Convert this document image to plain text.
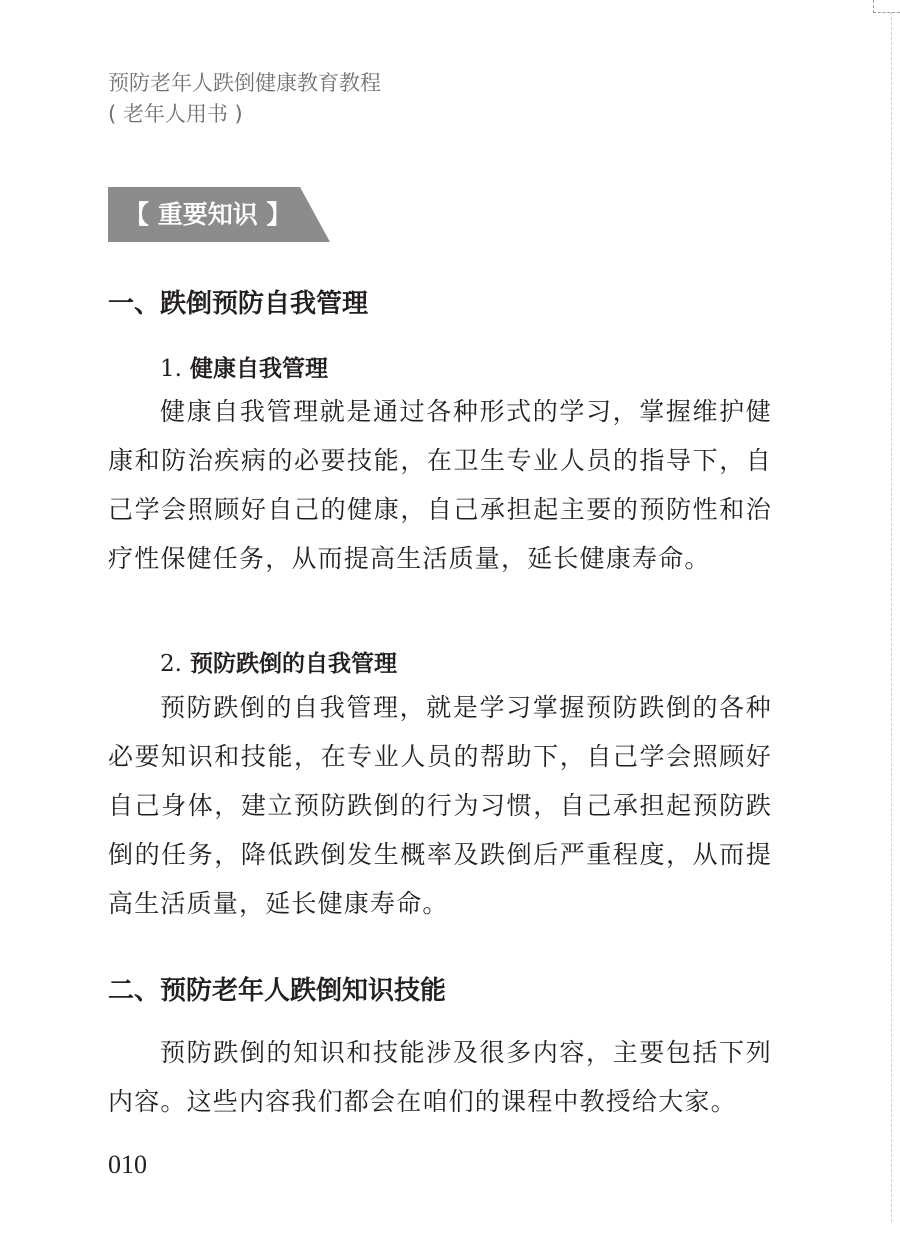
预防老年人跌倒健康教育教程
( 老年人用书 )
【 重要知识 】
一、跌倒预防自我管理
1. 健康自我管理

健康自我管理就是通过各种形式的学习，掌握维护健康和防治疾病的必要技能，在卫生专业人员的指导下，自己学会照顾好自己的健康，自己承担起主要的预防性和治疗性保健任务，从而提高生活质量，延长健康寿命。

2. 预防跌倒的自我管理

预防跌倒的自我管理，就是学习掌握预防跌倒的各种必要知识和技能，在专业人员的帮助下，自己学会照顾好自己身体，建立预防跌倒的行为习惯，自己承担起预防跌倒的任务，降低跌倒发生概率及跌倒后严重程度，从而提高生活质量，延长健康寿命。

二、预防老年人跌倒知识技能

预防跌倒的知识和技能涉及很多内容，主要包括下列内容。这些内容我们都会在咱们的课程中教授给大家。

010
